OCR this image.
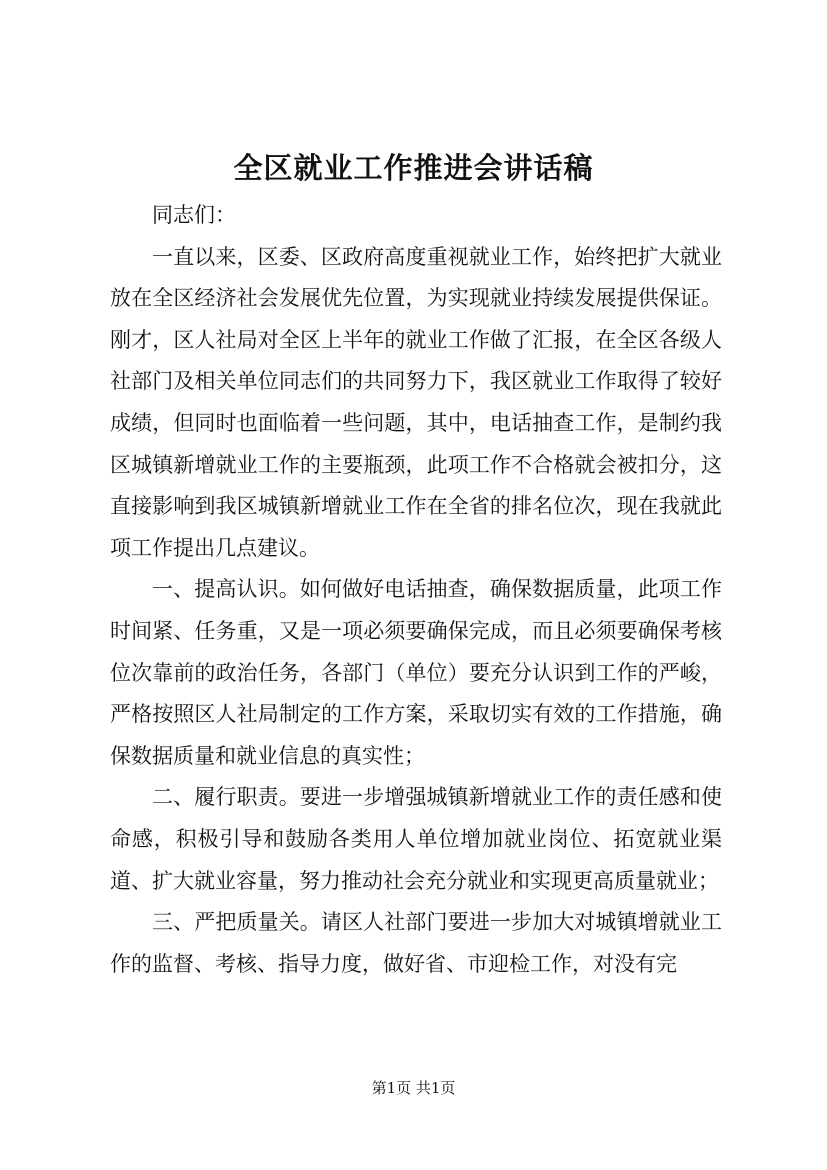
全区就业工作推进会讲话稿

同志们：

一直以来，区委、区政府高度重视就业工作，始终把扩大就业放在全区经济社会发展优先位置，为实现就业持续发展提供保证。刚才，区人社局对全区上半年的就业工作做了汇报，在全区各级人社部门及相关单位同志们的共同努力下，我区就业工作取得了较好成绩，但同时也面临着一些问题，其中，电话抽查工作，是制约我区城镇新增就业工作的主要瓶颈，此项工作不合格就会被扣分，这直接影响到我区城镇新增就业工作在全省的排名位次，现在我就此项工作提出几点建议。

一、提高认识。如何做好电话抽查，确保数据质量，此项工作时间紧、任务重，又是一项必须要确保完成，而且必须要确保考核位次靠前的政治任务，各部门（单位）要充分认识到工作的严峻，严格按照区人社局制定的工作方案，采取切实有效的工作措施，确保数据质量和就业信息的真实性；

二、履行职责。要进一步增强城镇新增就业工作的责任感和使命感，积极引导和鼓励各类用人单位增加就业岗位、拓宽就业渠道、扩大就业容量，努力推动社会充分就业和实现更高质量就业；

三、严把质量关。请区人社部门要进一步加大对城镇增就业工作的监督、考核、指导力度，做好省、市迎检工作，对没有完

第1页 共1页
